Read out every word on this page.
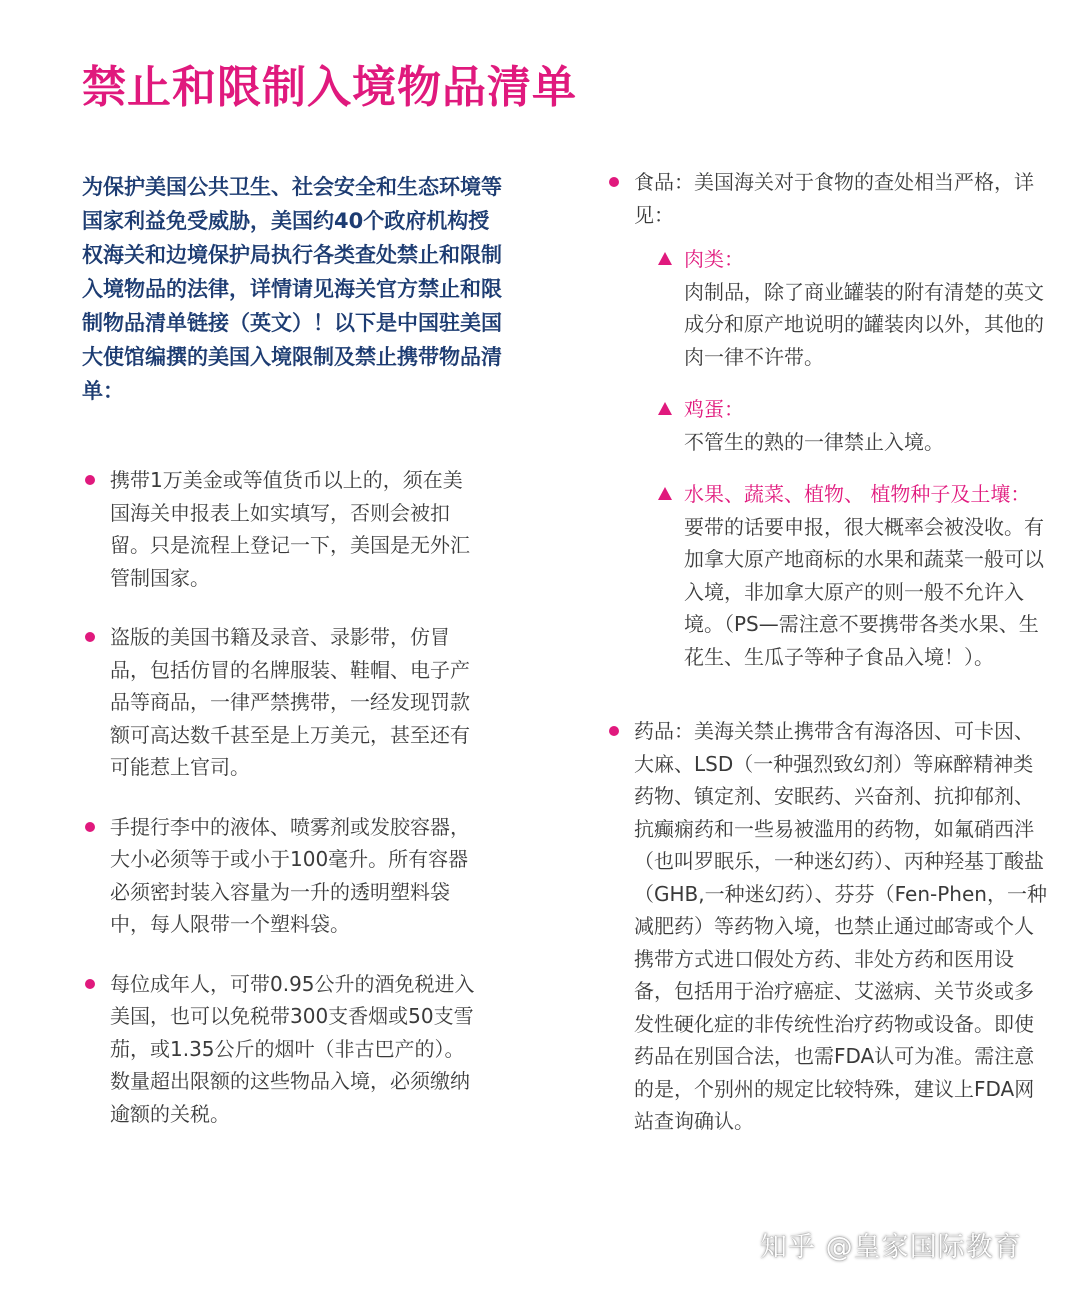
禁止和限制入境物品清单
为保护美国公共卫生、社会安全和生态环境等国家利益免受威胁，美国约40个政府机构授权海关和边境保护局执行各类查处禁止和限制入境物品的法律，详情请见海关官方禁止和限制物品清单链接（英文）！以下是中国驻美国大使馆编撰的美国入境限制及禁止携带物品清单：
携带1万美金或等值货币以上的，须在美国海关申报表上如实填写，否则会被扣留。只是流程上登记一下，美国是无外汇管制国家。
盗版的美国书籍及录音、录影带，仿冒品，包括仿冒的名牌服装、鞋帽、电子产品等商品，一律严禁携带，一经发现罚款额可高达数千甚至是上万美元，甚至还有可能惹上官司。
手提行李中的液体、喷雾剂或发胶容器，大小必须等于或小于100毫升。所有容器必须密封装入容量为一升的透明塑料袋中，每人限带一个塑料袋。
每位成年人，可带0.95公升的酒免税进入美国，也可以免税带300支香烟或50支雪茄，或1.35公斤的烟叶（非古巴产的）。数量超出限额的这些物品入境，必须缴纳逾额的关税。
食品：美国海关对于食物的查处相当严格，详见：
肉类：
肉制品，除了商业罐装的附有清楚的英文成分和原产地说明的罐装肉以外，其他的肉一律不许带。
鸡蛋：
不管生的熟的一律禁止入境。
水果、蔬菜、植物、 植物种子及土壤：
要带的话要申报，很大概率会被没收。有加拿大原产地商标的水果和蔬菜一般可以入境，非加拿大原产的则一般不允许入境。（PS—需注意不要携带各类水果、生花生、生瓜子等种子食品入境！）。
药品：美海关禁止携带含有海洛因、可卡因、大麻、LSD（一种强烈致幻剂）等麻醉精神类药物、镇定剂、安眠药、兴奋剂、抗抑郁剂、抗癫痫药和一些易被滥用的药物，如氟硝西泮（也叫罗眠乐，一种迷幻药）、丙种羟基丁酸盐 （GHB,一种迷幻药）、芬芬（Fen-Phen，一种减肥药）等药物入境，也禁止通过邮寄或个人携带方式进口假处方药、非处方药和医用设备，包括用于治疗癌症、艾滋病、关节炎或多发性硬化症的非传统性治疗药物或设备。即使药品在别国合法，也需FDA认可为准。需注意的是，个别州的规定比较特殊，建议上FDA网站查询确认。
知乎 @皇家国际教育
